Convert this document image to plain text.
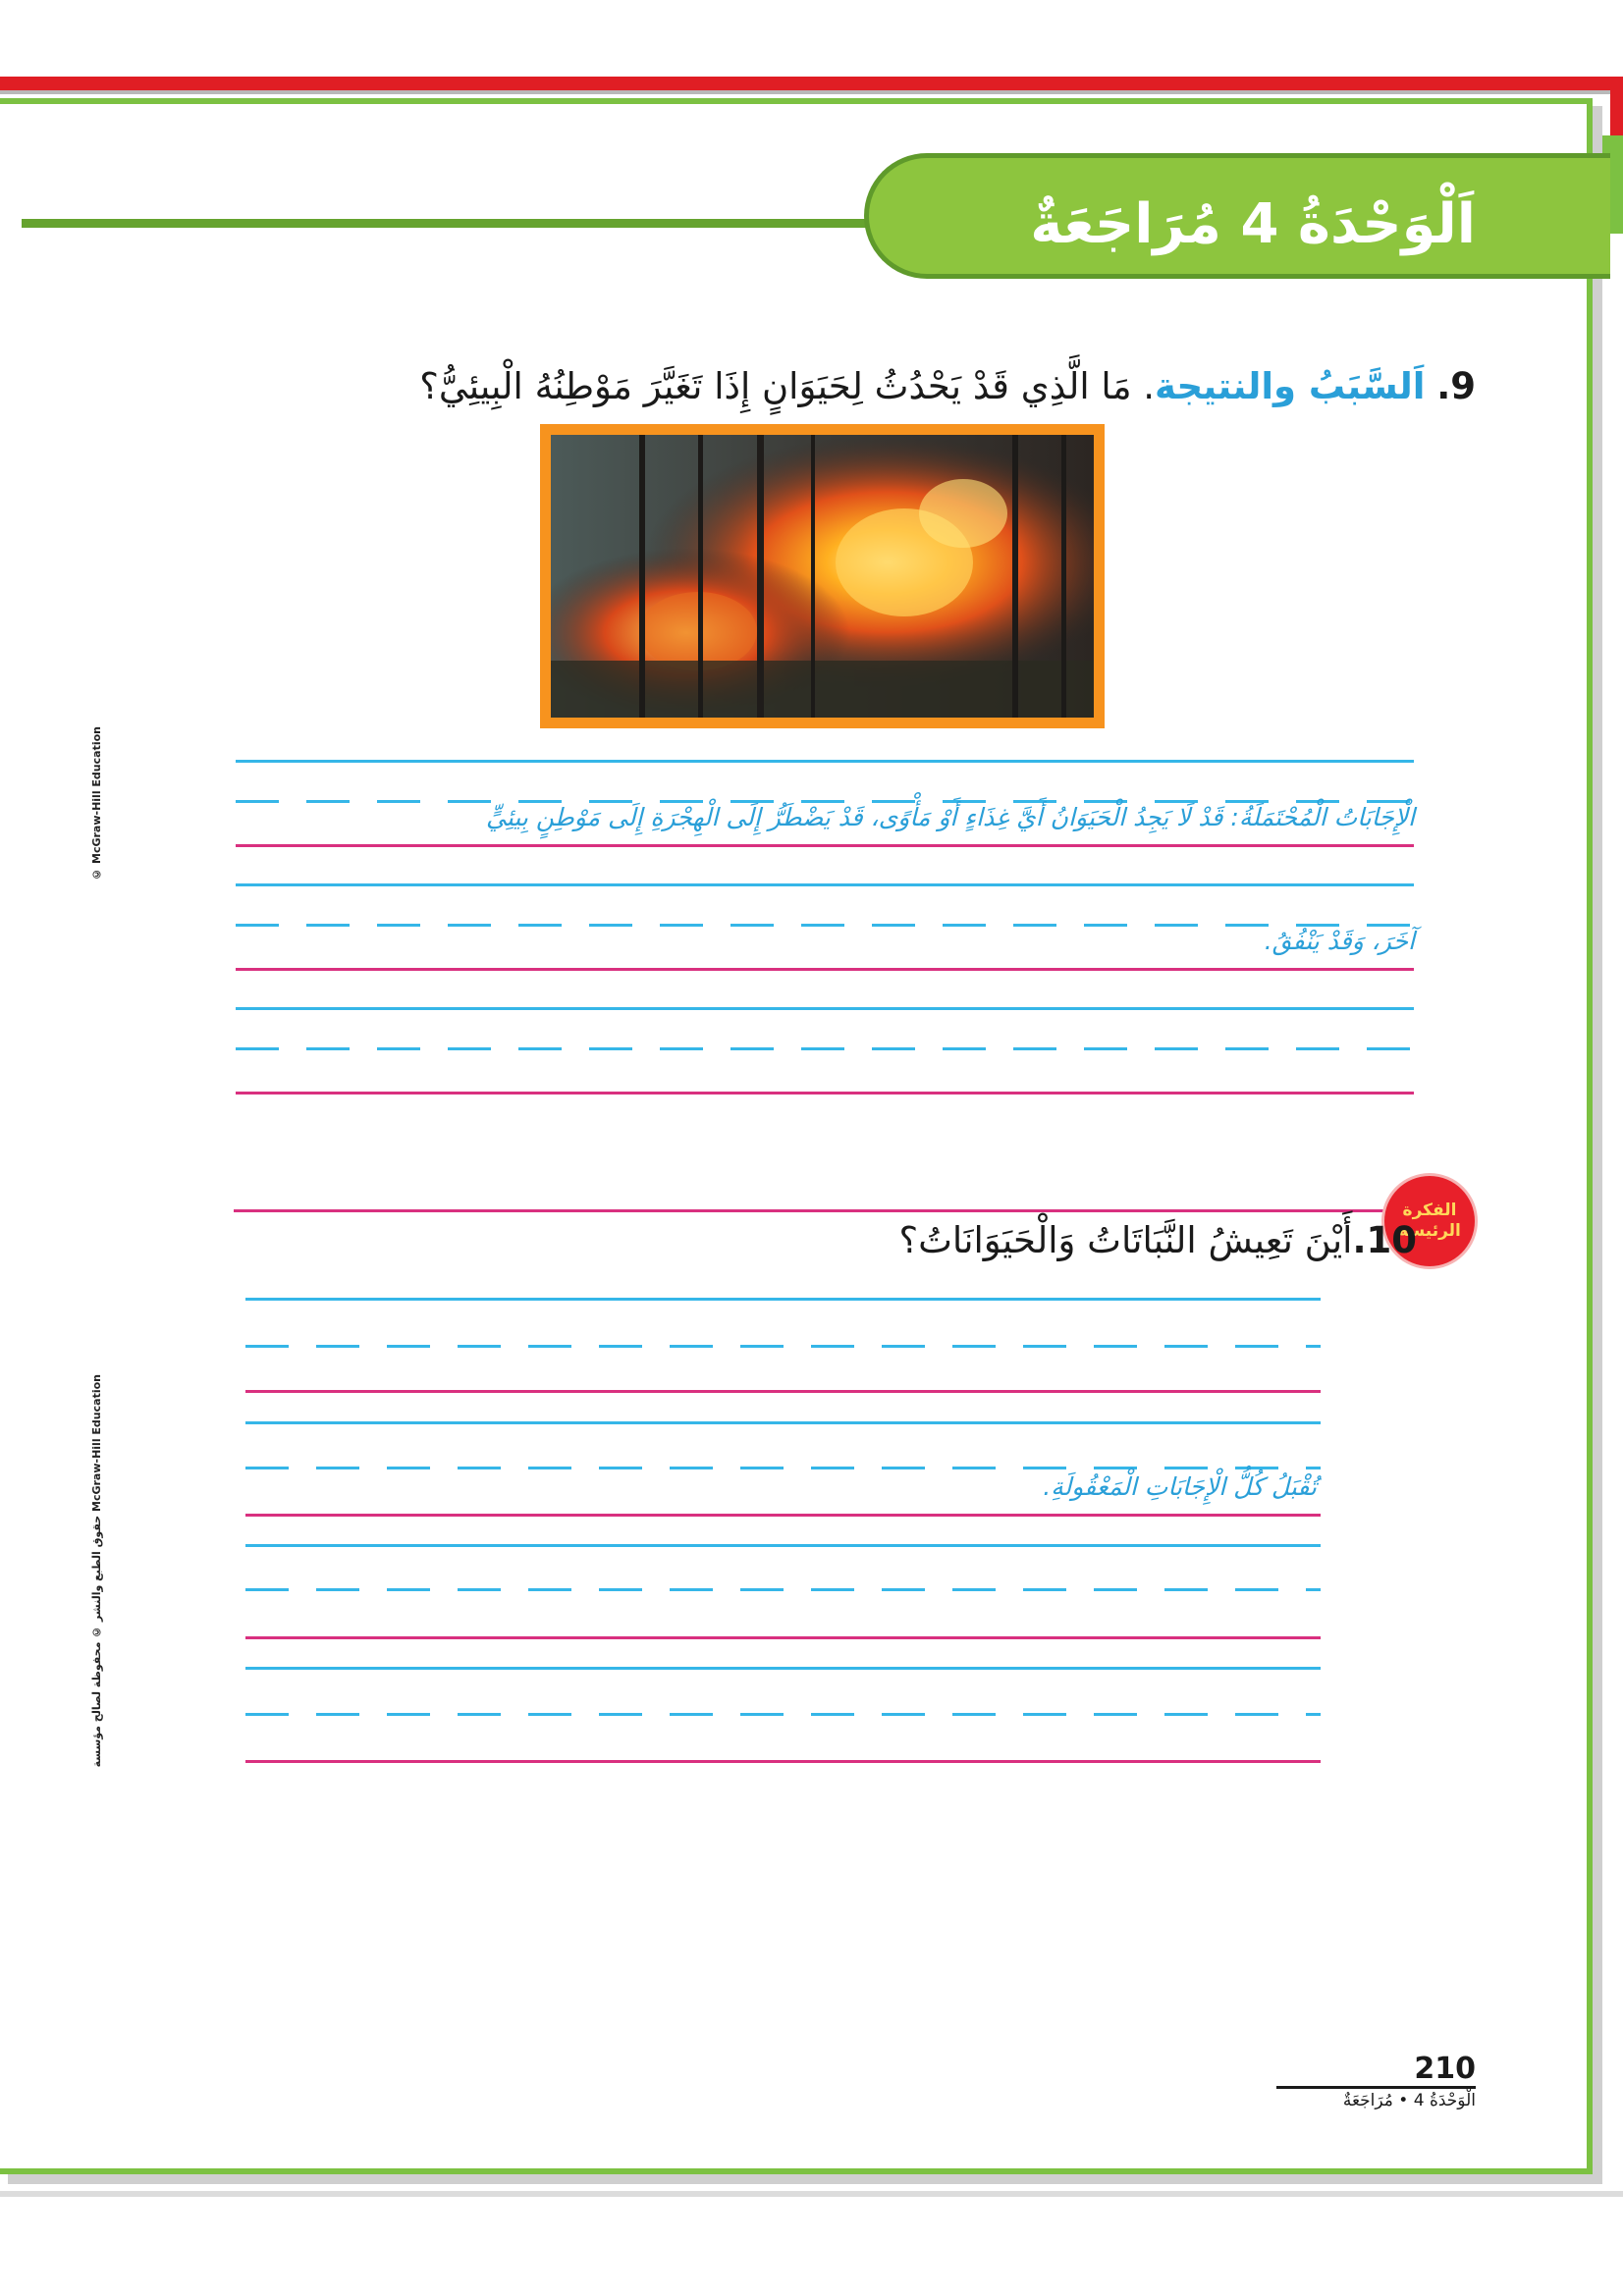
اَلْوَحْدَةُ 4 مُرَاجَعَةٌ
9. اَلسَّبَبُ والنتيجة. مَا الَّذِي قَدْ يَحْدُثُ لِحَيَوَانٍ إِذَا تَغَيَّرَ مَوْطِنُهُ الْبِيئِيُّ؟
الْإِجَابَاتُ الْمُحْتَمَلَةُ: قَدْ لَا يَجِدُ الْحَيَوَانُ أَيَّ غِذَاءٍ أَوْ مَأْوًى، قَدْ يَضْطَرُّ إِلَى الْهِجْرَةِ إِلَى مَوْطِنٍ بِيئِيٍّ
آخَرَ، وَقَدْ يَنْفُقُ.
الفكرة
الرئيسة
10.أَيْنَ تَعِيشُ النَّبَاتَاتُ وَالْحَيَوَانَاتُ؟
تُقْبَلُ كُلُّ الْإِجَابَاتِ الْمَعْقُولَةِ.
© McGraw-Hill Education
حقوق الطبع والنشر © محفوظة لصالح مؤسسة McGraw-Hill Education
210
الْوَحْدَةُ 4 • مُرَاجَعَةٌ
